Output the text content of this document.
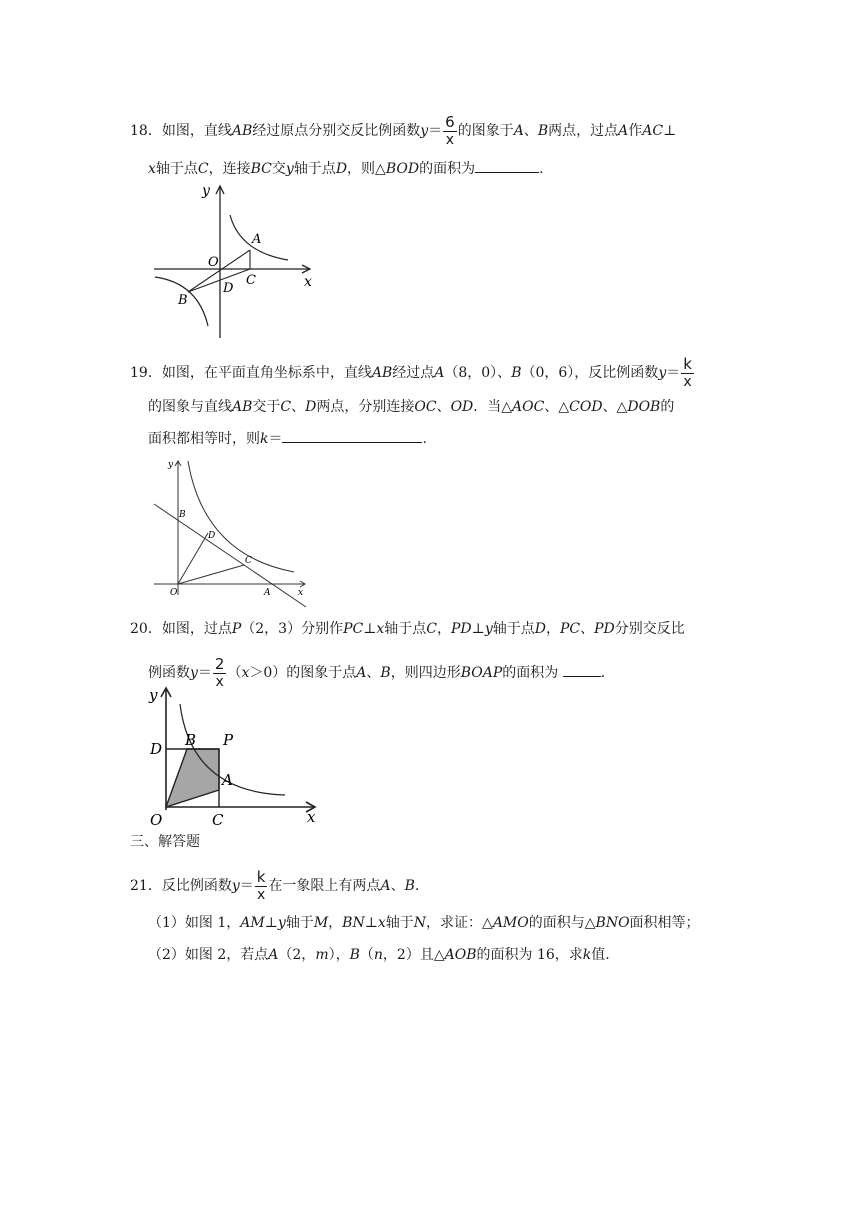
18．如图，直线AB经过原点分别交反比例函数$y= \frac{6}{x}$ 的图象于A、B两点，过点A作AC⊥
x轴于点C，连接BC交y轴于点D，则△BOD的面积为	.
y
x
O
A
B
C
D
19．如图，在平面直角坐标系中，直线AB经过点A（8，0）、B（0，6），反比例函数$y= \frac{k}{x}$
的图象与直线AB交于C、D两点，分别连接OC、OD．当△AOC、△COD、△DOB的
面积都相等时，则k＝	.
y
x
O	A
B
C
D
20．如图，过点P（2，3）分别作PC⊥x轴于点C，PD⊥y轴于点D，PC、PD分别交反比
例函数$y= \frac{2}{x} (x>0)$的图象于点A、B，则四边形BOAP的面积为	.
y
x
O	C
D B P
A
三、解答题
21．反比例函数$y= \frac{k}{x}$ 在一象限上有两点A、B.
（1）如图 1，AM⊥y轴于M，BN⊥x轴于N，求证：△AMO的面积与△BNO面积相等；
（2）如图 2，若点A（2，m），B（n，2）且△AOB的面积为 16，求k值.
